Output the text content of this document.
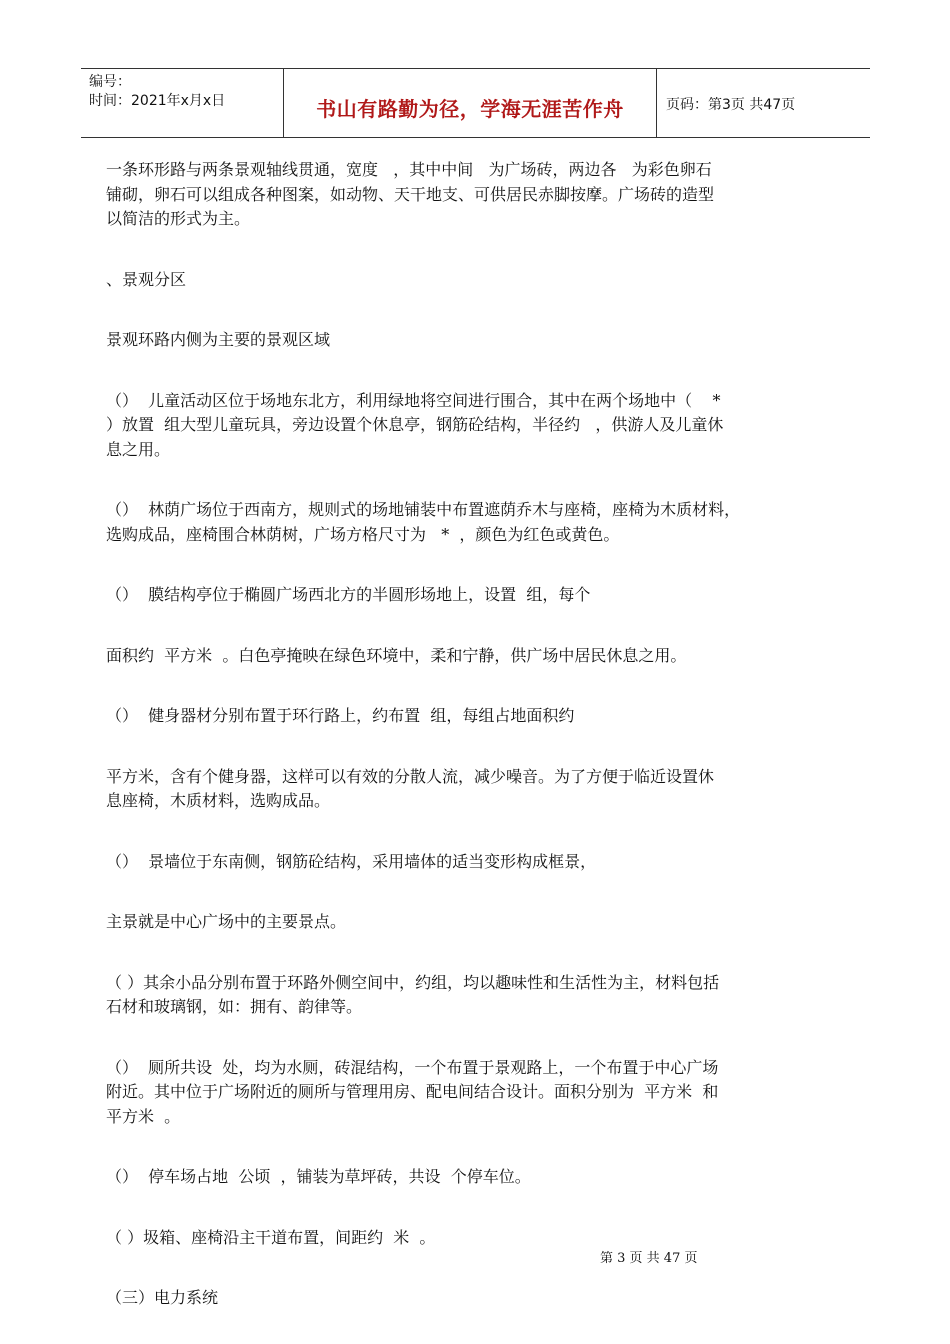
编号：
时间：2021年x月x日	书山有路勤为径，学海无涯苦作舟	页码：第3页 共47页

一条环形路与两条景观轴线贯通，宽度   ，其中中间   为广场砖，两边各   为彩色卵石

铺砌，卵石可以组成各种图案，如动物、天干地支、可供居民赤脚按摩。广场砖的造型

以简洁的形式为主。

、景观分区

景观环路内侧为主要的景观区域

（）  儿童活动区位于场地东北方，利用绿地将空间进行围合，其中在两个场地中（    *

）放置  组大型儿童玩具，旁边设置个休息亭，钢筋砼结构，半径约   ，供游人及儿童休

息之用。

（）  林荫广场位于西南方，规则式的场地铺装中布置遮荫乔木与座椅，座椅为木质材料，

选购成品，座椅围合林荫树，广场方格尺寸为   *  ，颜色为红色或黄色。

（）  膜结构亭位于椭圆广场西北方的半圆形场地上，设置  组，每个

面积约  平方米  。白色亭掩映在绿色环境中，柔和宁静，供广场中居民休息之用。

（）  健身器材分别布置于环行路上，约布置  组，每组占地面积约

平方米，含有个健身器，这样可以有效的分散人流，减少噪音。为了方便于临近设置休

息座椅，木质材料，选购成品。

（）  景墙位于东南侧，钢筋砼结构，采用墙体的适当变形构成框景，

主景就是中心广场中的主要景点。

（ ）其余小品分别布置于环路外侧空间中，约组，均以趣味性和生活性为主，材料包括

石材和玻璃钢，如：拥有、韵律等。

（）  厕所共设  处，均为水厕，砖混结构，一个布置于景观路上，一个布置于中心广场

附近。其中位于广场附近的厕所与管理用房、配电间结合设计。面积分别为  平方米  和

平方米  。

（）  停车场占地  公顷  ，铺装为草坪砖，共设  个停车位。

（ ）圾箱、座椅沿主干道布置，间距约  米  。

（三）电力系统

第 3 页 共 47 页
